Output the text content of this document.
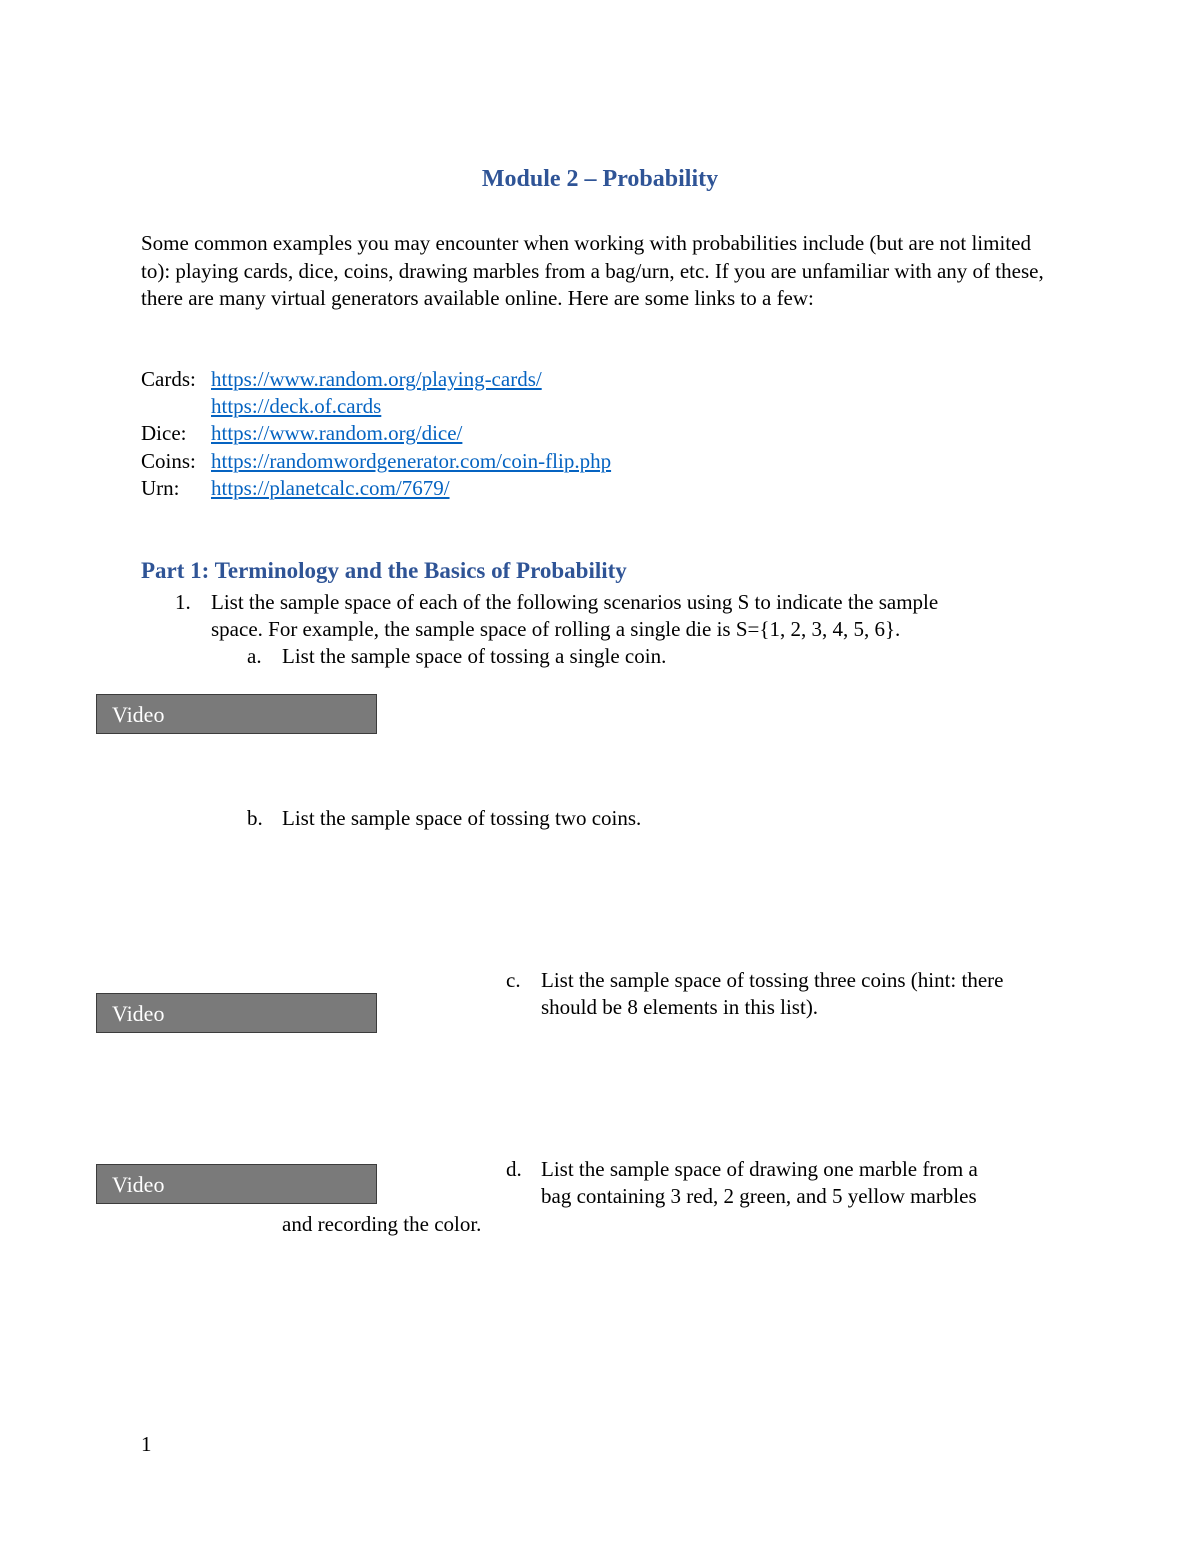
Module 2 – Probability
Some common examples you may encounter when working with probabilities include (but are not limited to): playing cards, dice, coins, drawing marbles from a bag/urn, etc. If you are unfamiliar with any of these, there are many virtual generators available online. Here are some links to a few:
Cards: https://www.random.org/playing-cards/
https://deck.of.cards
Dice: https://www.random.org/dice/
Coins: https://randomwordgenerator.com/coin-flip.php
Urn: https://planetcalc.com/7679/
Part 1: Terminology and the Basics of Probability
1. List the sample space of each of the following scenarios using S to indicate the sample
space. For example, the sample space of rolling a single die is S={1, 2, 3, 4, 5, 6}.
a. List the sample space of tossing a single coin.
Video
b. List the sample space of tossing two coins.
c. List the sample space of tossing three coins (hint: there
should be 8 elements in this list).
Video
d. List the sample space of drawing one marble from a
bag containing 3 red, 2 green, and 5 yellow marbles
and recording the color.
Video
1
